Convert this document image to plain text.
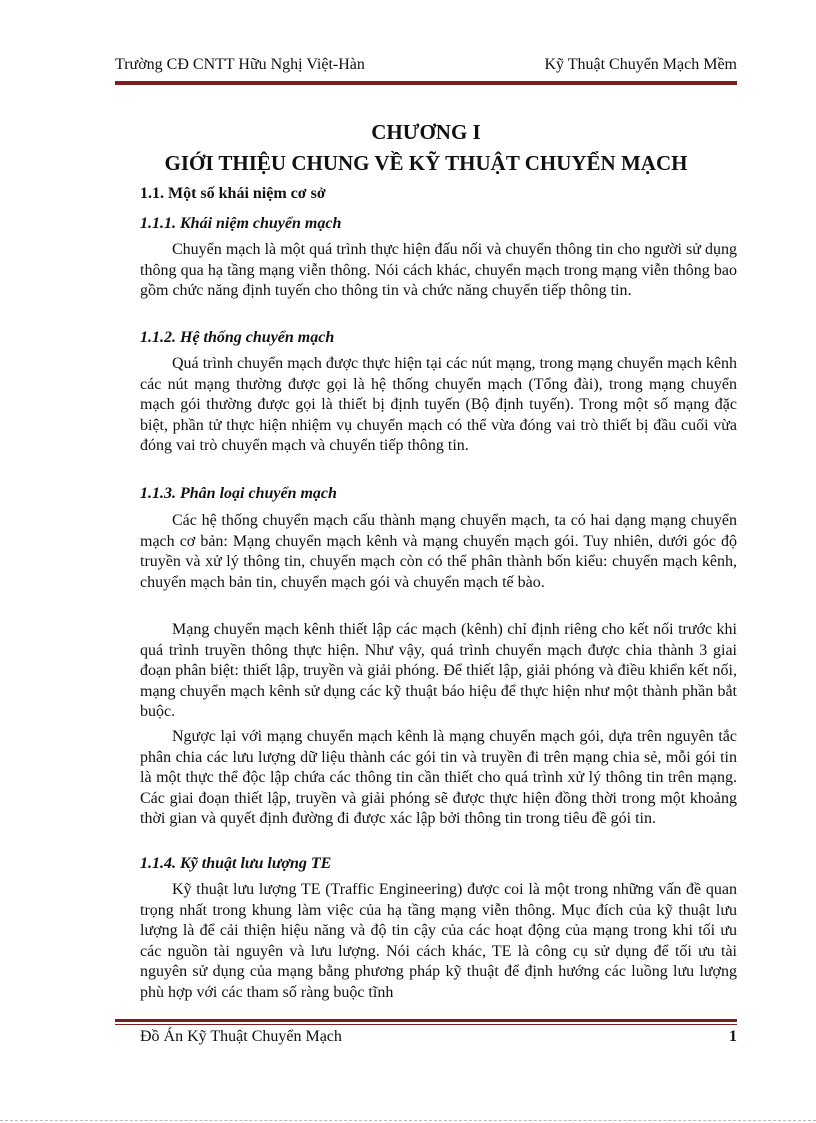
Trường CĐ CNTT Hữu Nghị Việt-Hàn	Kỹ Thuật Chuyển Mạch Mềm
CHƯƠNG I
GIỚI THIỆU CHUNG VỀ KỸ THUẬT CHUYỂN MẠCH
1.1. Một số khái niệm cơ sở
1.1.1. Khái niệm chuyển mạch
Chuyển mạch là một quá trình thực hiện đấu nối và chuyển thông tin cho người sử dụng thông qua hạ tầng mạng viễn thông. Nói cách khác, chuyển mạch trong mạng viễn thông bao gồm chức năng định tuyến cho thông tin và chức năng chuyển tiếp thông tin.
1.1.2. Hệ thống chuyển mạch
Quá trình chuyển mạch được thực hiện tại các nút mạng, trong mạng chuyển mạch kênh các nút mạng thường được gọi là hệ thống chuyển mạch (Tổng đài), trong mạng chuyển mạch gói thường được gọi là thiết bị định tuyến (Bộ định tuyến). Trong một số mạng đặc biệt, phần tử thực hiện nhiệm vụ chuyển mạch có thể vừa đóng vai trò thiết bị đầu cuối vừa đóng vai trò chuyển mạch và chuyển tiếp thông tin.
1.1.3. Phân loại chuyển mạch
Các hệ thống chuyển mạch cấu thành mạng chuyển mạch, ta có hai dạng mạng chuyển mạch cơ bản: Mạng chuyển mạch kênh và mạng chuyển mạch gói. Tuy nhiên, dưới góc độ truyền và xử lý thông tin, chuyển mạch còn có thể phân thành bốn kiểu: chuyển mạch kênh, chuyển mạch bản tin, chuyển mạch gói và chuyển mạch tế bào.
Mạng chuyển mạch kênh thiết lập các mạch (kênh) chỉ định riêng cho kết nối trước khi quá trình truyền thông thực hiện. Như vậy, quá trình chuyển mạch được chia thành 3 giai đoạn phân biệt: thiết lập, truyền và giải phóng. Để thiết lập, giải phóng và điều khiển kết nối, mạng chuyển mạch kênh sử dụng các kỹ thuật báo hiệu để thực hiện như một thành phần bắt buộc.
Ngược lại với mạng chuyển mạch kênh là mạng chuyển mạch gói, dựa trên nguyên tắc phân chia các lưu lượng dữ liệu thành các gói tin và truyền đi trên mạng chia sẻ, mỗi gói tin là một thực thể độc lập chứa các thông tin cần thiết cho quá trình xử lý thông tin trên mạng. Các giai đoạn thiết lập, truyền và giải phóng sẽ được thực hiện đồng thời trong một khoảng thời gian và quyết định đường đi được xác lập bởi thông tin trong tiêu đề gói tin.
1.1.4. Kỹ thuật lưu lượng TE
Kỹ thuật lưu lượng TE (Traffic Engineering) được coi là một trong những vấn đề quan trọng nhất trong khung làm việc của hạ tầng mạng viễn thông. Mục đích của kỹ thuật lưu lượng là để cải thiện hiệu năng và độ tin cậy của các hoạt động của mạng trong khi tối ưu các nguồn tài nguyên và lưu lượng. Nói cách khác, TE là công cụ sử dụng để tối ưu tài nguyên sử dụng của mạng bằng phương pháp kỹ thuật để định hướng các luồng lưu lượng phù hợp với các tham số ràng buộc tĩnh
Đồ Án Kỹ Thuật Chuyển Mạch	1
